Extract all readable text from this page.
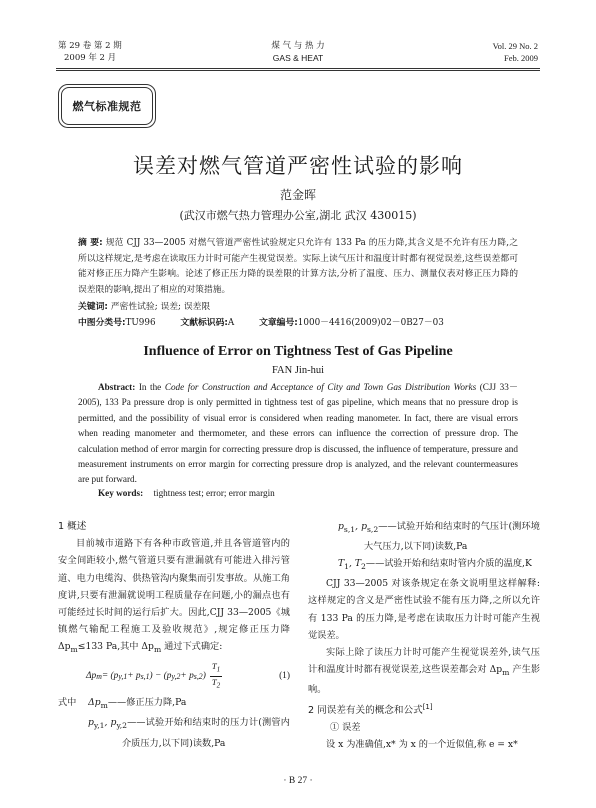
第 29 卷 第 2 期
2009 年 2 月
煤 气 与 热 力
GAS & HEAT
Vol. 29 No. 2
Feb. 2009
燃气标准规范
误差对燃气管道严密性试验的影响
范金晖
(武汉市燃气热力管理办公室,湖北 武汉 430015)
摘 要: 规范 CJJ 33—2005 对燃气管道严密性试验规定只允许有 133 Pa 的压力降,其含义是不允许有压力降,之所以这样规定,是考虑在读取压力计时可能产生视觉误差。实际上读气压计和温度计时都有视觉误差,这些误差都可能对修正压力降产生影响。论述了修正压力降的误差限的计算方法,分析了温度、压力、测量仪表对修正压力降的误差限的影响,提出了相应的对策措施。
关键词: 严密性试验; 误差; 误差限
中图分类号:TU996	文献标识码:A	文章编号:1000－4416(2009)02－0B27－03
Influence of Error on Tightness Test of Gas Pipeline
FAN Jin-hui
Abstract: In the Code for Construction and Acceptance of City and Town Gas Distribution Works (CJJ 33－2005), 133 Pa pressure drop is only permitted in tightness test of gas pipeline, which means that no pressure drop is permitted, and the possibility of visual error is considered when reading manometer. In fact, there are visual errors when reading manometer and thermometer, and these errors can influence the correction of pressure drop. The calculation method of error margin for correcting pressure drop is discussed, the influence of temperature, pressure and measurement instruments on error margin for correcting pressure drop is analyzed, and the relevant countermeasures are put forward.
Key words: tightness test; error; error margin
1 概述
目前城市道路下有各种市政管道,并且各管道管内的安全间距较小,燃气管道只要有泄漏就有可能进入排污管道、电力电缆沟、供热管沟内聚集而引发事故。从施工角度讲,只要有泄漏就说明工程质量存在问题,小的漏点也有可能经过长时间的运行后扩大。因此,CJJ 33—2005《城镇燃气输配工程施工及验收规范》,规定修正压力降 $\Delta p_m\le 133$ Pa,其中 $\Delta p_m$ 通过下式确定:
Δp m = (p y,1 + p s,1 ) − (p y,2 + p s,2 ) $\frac{T_1}{T_2}$	(1)
式中 $\Delta p_m——$修正压力降,Pa
$p_{y,1}$, $p_{y,2}——$试验开始和结束时的压力计(测管内介质压力,以下同)读数,Pa
$p_{s,1}$, $p_{s,2}——$试验开始和结束时的气压计(测环境大气压力,以下同)读数,Pa
$T_1$, $T_2——$试验开始和结束时管内介质的温度,K
CJJ 33—2005 对该条规定在条文说明里这样解释:这样规定的含义是严密性试验不能有压力降,之所以允许有 133 Pa 的压力降,是考虑在读取压力计时可能产生视觉误差。
实际上除了读压力计时可能产生视觉误差外,读气压计和温度计时都有视觉误差,这些误差都会对 $\Delta p_m$ 产生影响。
2 同误差有关的概念和公式[1]
① 误差
设 x 为准确值,x* 为 x 的一个近似值,称 e = x*
· B 27 ·
